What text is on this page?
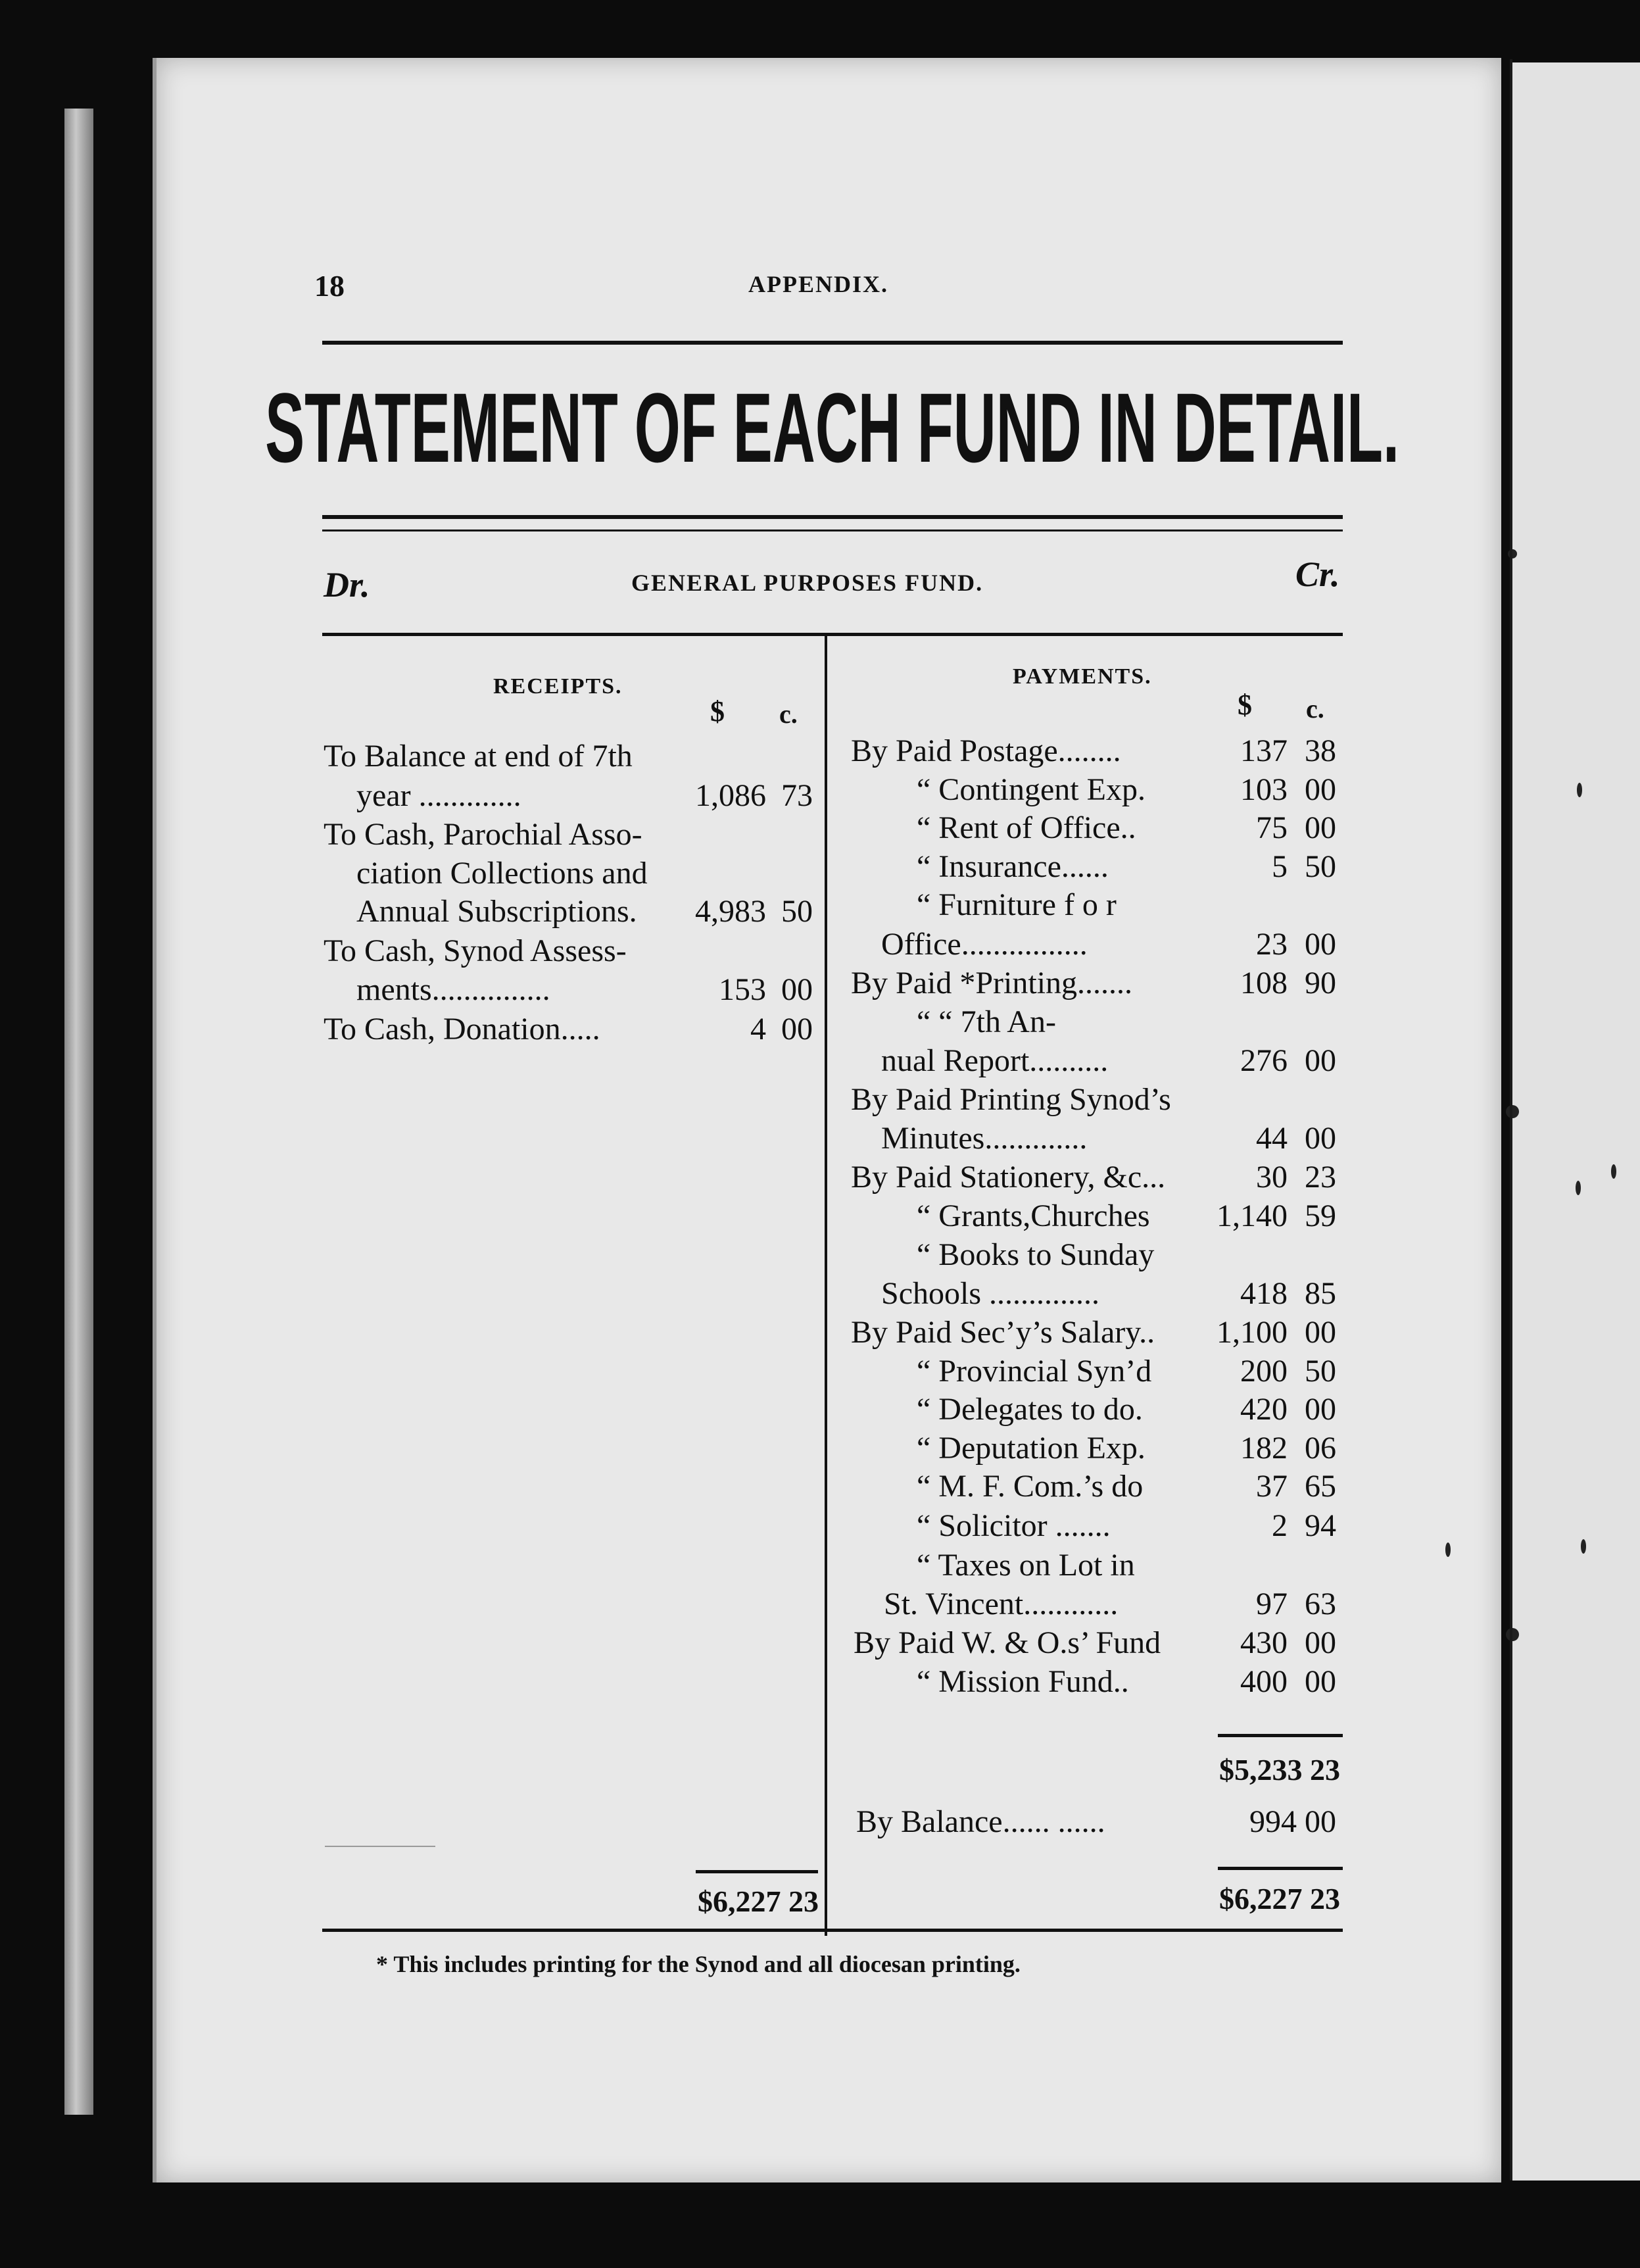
18	APPENDIX.
STATEMENT OF EACH FUND IN DETAIL.
Dr.	GENERAL PURPOSES FUND.	Cr.
RECEIPTS.
$ c.
To Balance at end of 7th
year .............	1,086 73
To Cash, Parochial Asso-
ciation Collections and
Annual Subscriptions.	4,983 50
To Cash, Synod Assess-
ments...............	153 00
To Cash, Donation.....	4 00
$6,227 23
PAYMENTS.
$ c.
By Paid Postage........	137 38
“ Contingent Exp.	103 00
“ Rent of Office..	75 00
“ Insurance......	5 50
“ Furniture f o r
Office................	23 00
By Paid *Printing.......	108 90
“ “ 7th An-
nual Report..........	276 00
By Paid Printing Synod’s
Minutes.............	44 00
By Paid Stationery, &c...	30 23
“ Grants,Churches 1,140 59
“ Books to Sunday
Schools ..............	418 85
By Paid Sec’y’s Salary.. 1,100 00
“ Provincial Syn’d	200 50
“ Delegates to do.	420 00
“ Deputation Exp.	182 06
“ M. F. Com.’s do	37 65
“ Solicitor .......	2 94
“ Taxes on Lot in
St. Vincent............	97 63
By Paid W. & O.s’ Fund	430 00
“ Mission Fund..	400 00
$5,233 23
By Balance...... ......	994 00
$6,227 23
* This includes printing for the Synod and all diocesan printing.
